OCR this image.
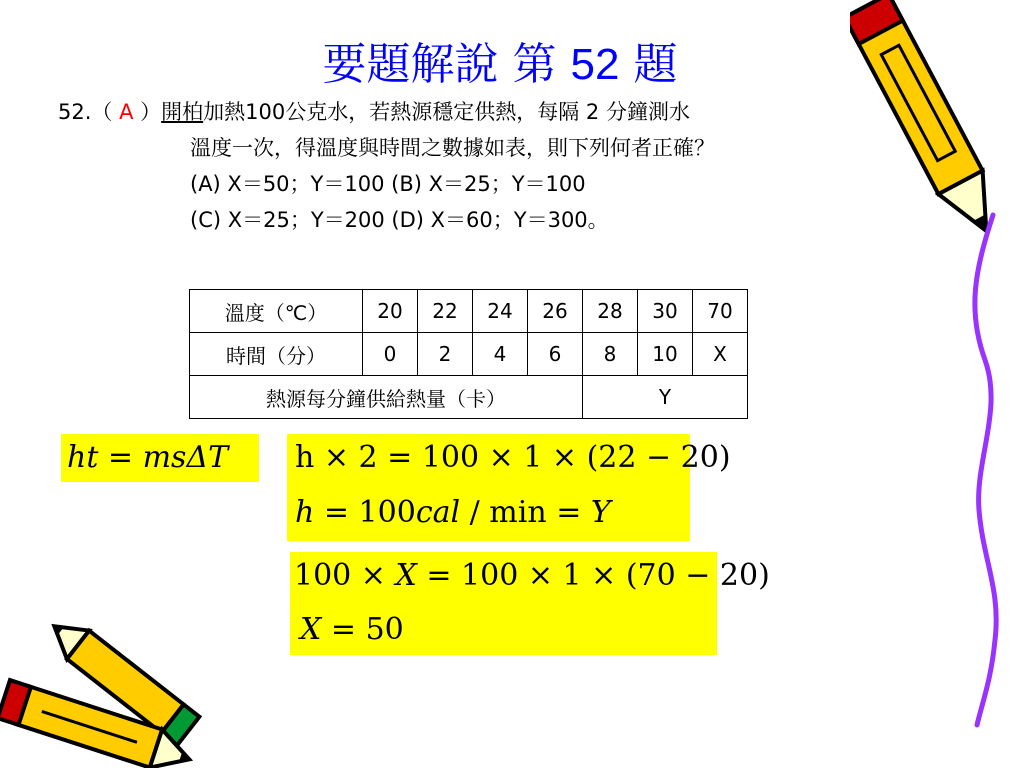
要題解說 第 52 題
52.（ A ）開柏加熱100公克水，若熱源穩定供熱，每隔 2 分鐘測水
溫度一次，得溫度與時間之數據如表，則下列何者正確？
(A) X＝50；Y＝100 (B) X＝25；Y＝100
(C) X＝25；Y＝200 (D) X＝60；Y＝300。
溫度（℃）	20	22	24	26	28	30	70
時間（分）	0	2	4	6	8	10	X
熱源每分鐘供給熱量（卡）					Y		
ht = msΔT h × 2 = 100 × 1 × (22 − 20)
h = 100cal / min = Y
100 × X = 100 × 1 × (70 − 20)
X = 50
